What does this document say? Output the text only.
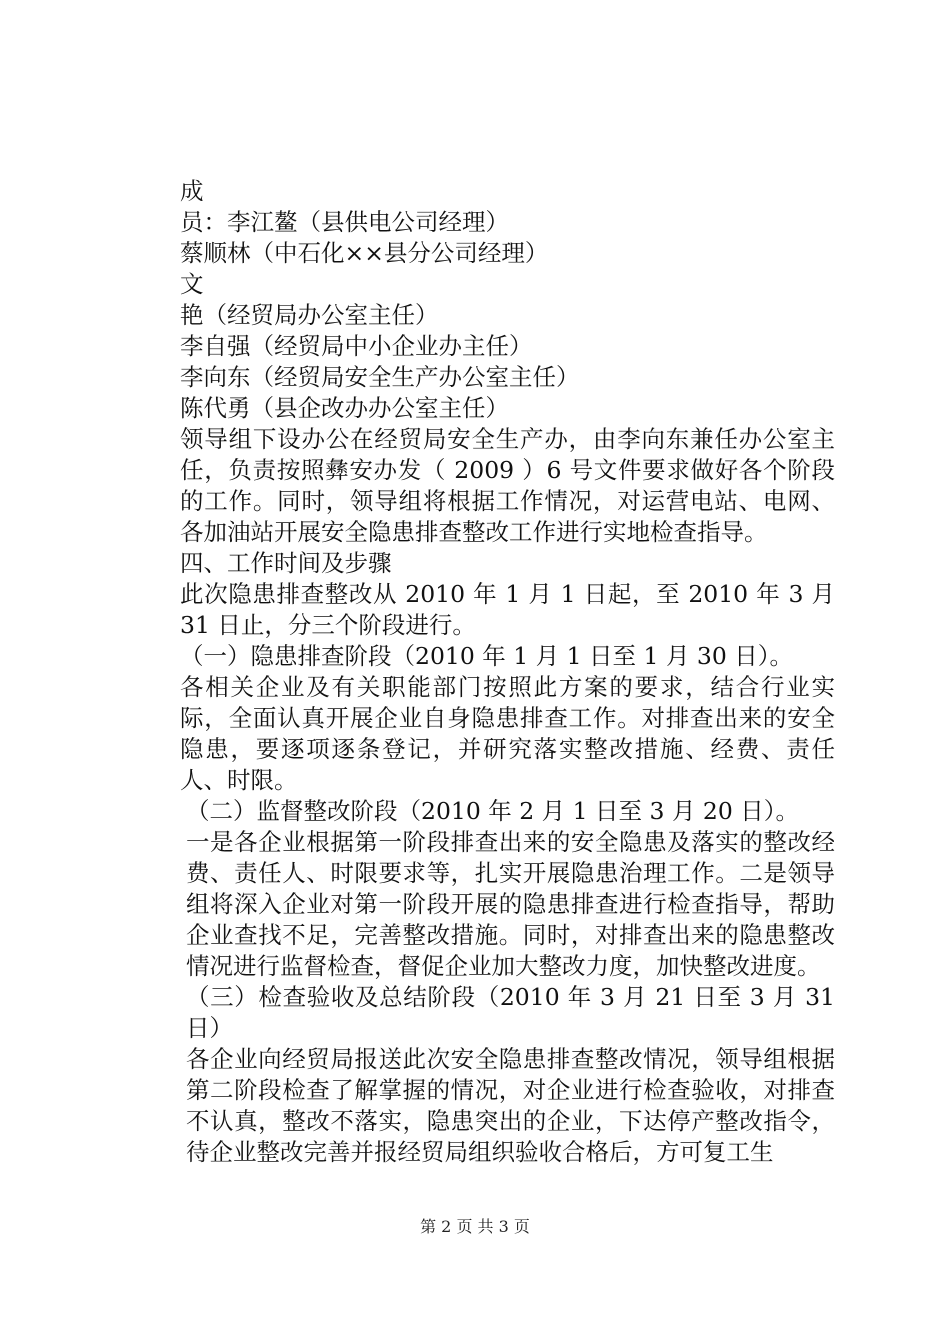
成
员：李江鳌（县供电公司经理）
蔡顺林（中石化××县分公司经理）
文
艳（经贸局办公室主任）
李自强（经贸局中小企业办主任）
李向东（经贸局安全生产办公室主任）
陈代勇（县企改办办公室主任）

领导组下设办公在经贸局安全生产办，由李向东兼任办公室主任，负责按照彝安办发（ 2009 ）6 号文件要求做好各个阶段的工作。同时，领导组将根据工作情况，对运营电站、电网、各加油站开展安全隐患排查整改工作进行实地检查指导。

四、工作时间及步骤

此次隐患排查整改从 2010 年 1 月 1 日起，至 2010 年 3 月 31 日止，分三个阶段进行。

（一）隐患排查阶段（2010 年 1 月 1 日至 1 月 30 日）。

各相关企业及有关职能部门按照此方案的要求，结合行业实际，全面认真开展企业自身隐患排查工作。对排查出来的安全隐患，要逐项逐条登记，并研究落实整改措施、经费、责任人、时限。

（二）监督整改阶段（2010 年 2 月 1 日至 3 月 20 日）。

一是各企业根据第一阶段排查出来的安全隐患及落实的整改经费、责任人、时限要求等，扎实开展隐患治理工作。二是领导组将深入企业对第一阶段开展的隐患排查进行检查指导，帮助企业查找不足，完善整改措施。同时，对排查出来的隐患整改情况进行监督检查，督促企业加大整改力度，加快整改进度。

（三）检查验收及总结阶段（2010 年 3 月 21 日至 3 月 31 日）

各企业向经贸局报送此次安全隐患排查整改情况，领导组根据第二阶段检查了解掌握的情况，对企业进行检查验收，对排查不认真，整改不落实，隐患突出的企业，下达停产整改指令，待企业整改完善并报经贸局组织验收合格后，方可复工生

第 2 页 共 3 页
